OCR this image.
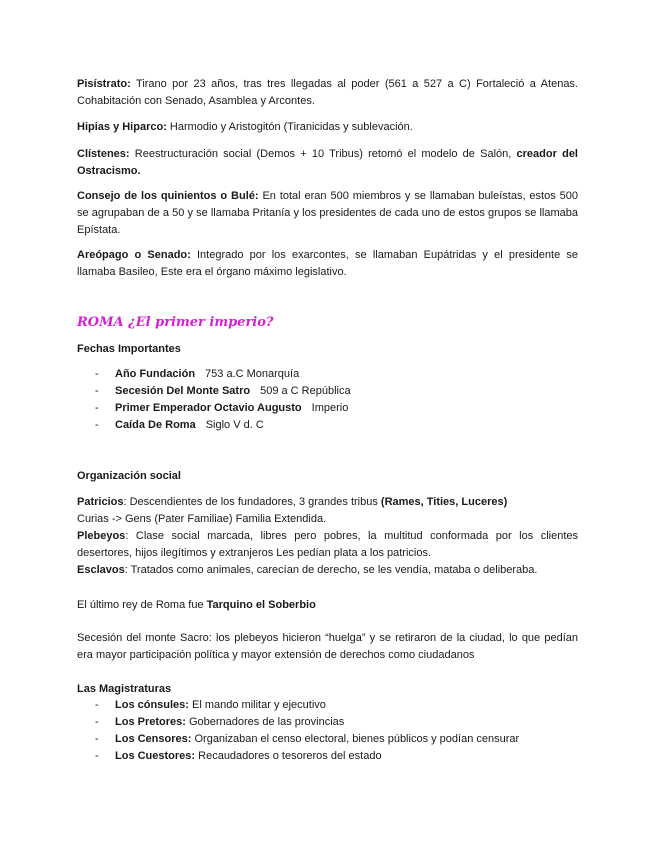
Pisístrato: Tirano por 23 años, tras tres llegadas al poder (561 a 527 a C) Fortaleció a Atenas. Cohabitación con Senado, Asamblea y Arcontes.

Hipias y Hiparco: Harmodio y Aristogitón (Tiranicidas y sublevación.

Clístenes: Reestructuración social (Demos + 10 Tribus) retomó el modelo de Salón, creador del Ostracismo.

Consejo de los quinientos o Bulé: En total eran 500 miembros y se llamaban buleístas, estos 500 se agrupaban de a 50 y se llamaba Pritanía y los presidentes de cada uno de estos grupos se llamaba Epístata.

Areópago o Senado: Integrado por los exarcontes, se llamaban Eupátridas y el presidente se llamaba Basileo, Este era el órgano máximo legislativo.

ROMA ¿El primer imperio?

Fechas Importantes

- Año Fundación 753 a.C Monarquía
- Secesión Del Monte Satro 509 a C República
- Primer Emperador Octavio Augusto Imperio
- Caída De Roma Siglo V d. C

Organización social

Patricios: Descendientes de los fundadores, 3 grandes tribus (Rames, Tities, Luceres)

Curias -> Gens (Pater Familiae) Familia Extendida.

Plebeyos: Clase social marcada, libres pero pobres, la multitud conformada por los clientes desertores, hijos ilegítimos y extranjeros Les pedían plata a los patricios.

Esclavos: Tratados como animales, carecían de derecho, se les vendía, mataba o deliberaba.

El último rey de Roma fue Tarquino el Soberbio

Secesión del monte Sacro: los plebeyos hicieron “huelga” y se retiraron de la ciudad, lo que pedían era mayor participación política y mayor extensión de derechos como ciudadanos

Las Magistraturas

- Los cónsules: El mando militar y ejecutivo
- Los Pretores: Gobernadores de las provincias
- Los Censores: Organizaban el censo electoral, bienes públicos y podían censurar
- Los Cuestores: Recaudadores o tesoreros del estado
